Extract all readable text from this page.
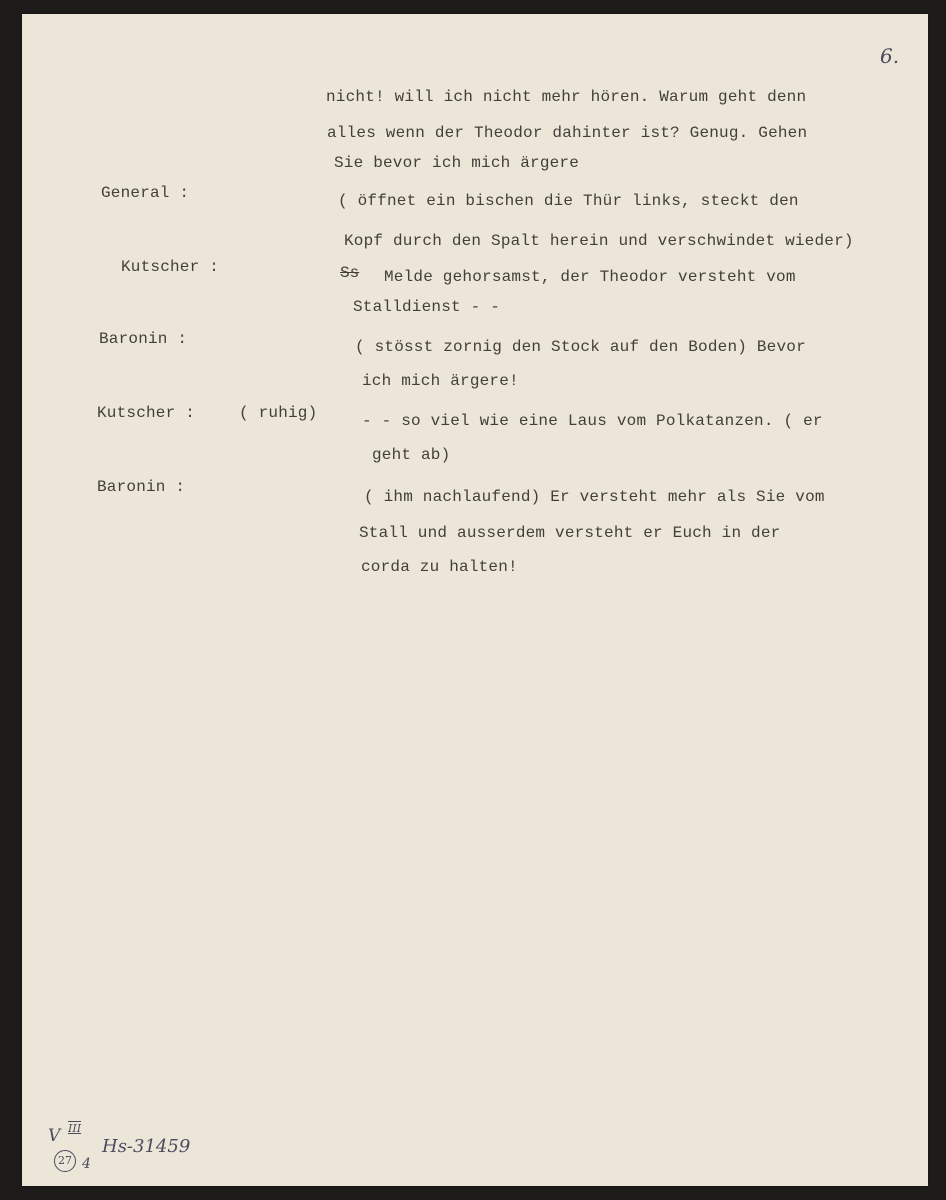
6.
nicht! will ich nicht mehr hören. Warum geht denn
alles wenn der Theodor dahinter ist? Genug. Gehen
Sie bevor ich mich ärgere
General :	( öffnet ein bischen die Thür links, steckt den
Kopf durch den Spalt herein und verschwindet wieder)
Kutscher :	Ss Melde gehorsamst, der Theodor versteht vom
Stalldienst - -
Baronin :	( stösst zornig den Stock auf den Boden) Bevor
ich mich ärgere!
Kutscher :	( ruhig)	- - so viel wie eine Laus vom Polkatanzen. ( er
geht ab)
Baronin :
( ihm nachlaufend) Er versteht mehr als Sie vom
Stall und ausserdem versteht er Euch in der
corda zu halten!
V III
27 4
Hs-31459
